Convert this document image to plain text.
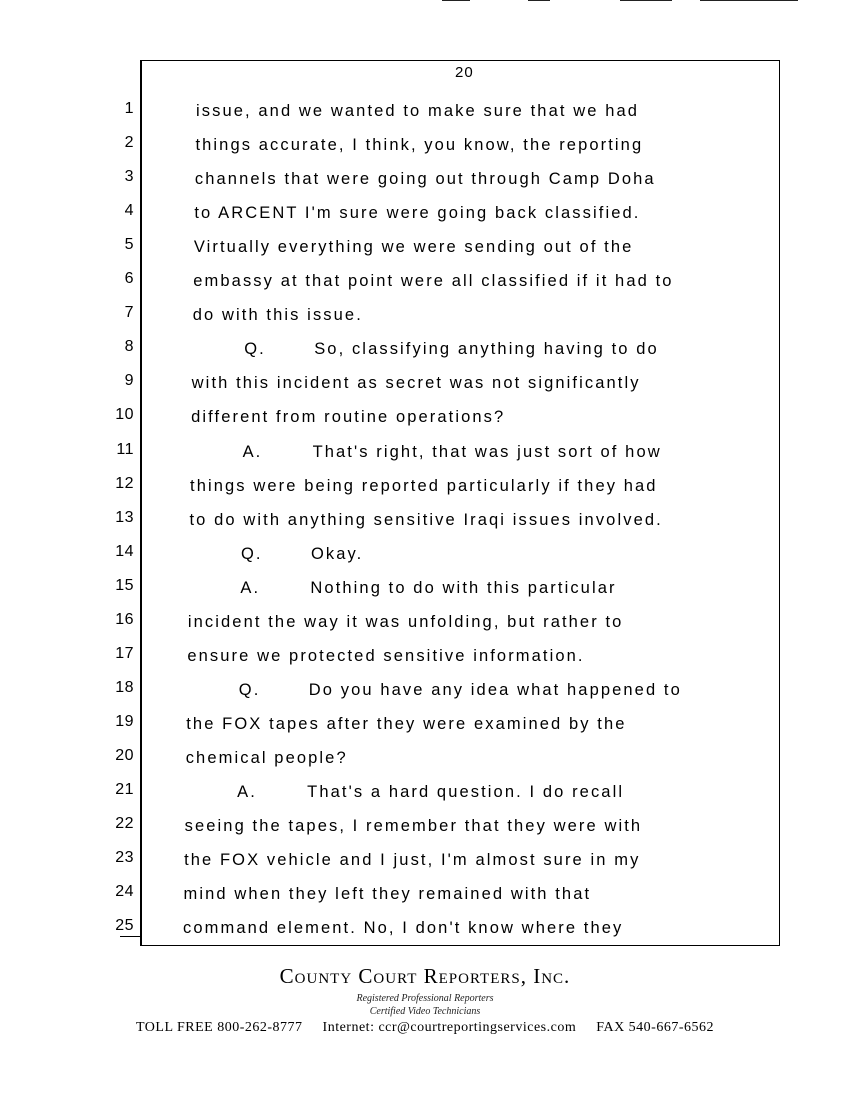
20
1	issue, and we wanted to make sure that we had
2	things accurate, I think, you know, the reporting
3	channels that were going out through Camp Doha
4	to ARCENT I'm sure were going back classified.
5	Virtually everything we were sending out of the
6	embassy at that point were all classified if it had to
7	do with this issue.
8	Q.	So, classifying anything having to do
9	with this incident as secret was not significantly
10	different from routine operations?
11	A.	That's right, that was just sort of how
12	things were being reported particularly if they had
13	to do with anything sensitive Iraqi issues involved.
14	Q.	Okay.
15	A.	Nothing to do with this particular
16	incident the way it was unfolding, but rather to
17	ensure we protected sensitive information.
18	Q.	Do you have any idea what happened to
19	the FOX tapes after they were examined by the
20	chemical people?
21	A.	That's a hard question. I do recall
22	seeing the tapes, I remember that they were with
23	the FOX vehicle and I just, I'm almost sure in my
24	mind when they left they remained with that
25	command element. No, I don't know where they
County Court Reporters, Inc.
Registered Professional Reporters
Certified Video Technicians
TOLL FREE 800-262-8777 Internet: ccr@courtreportingservices.com FAX 540-667-6562
